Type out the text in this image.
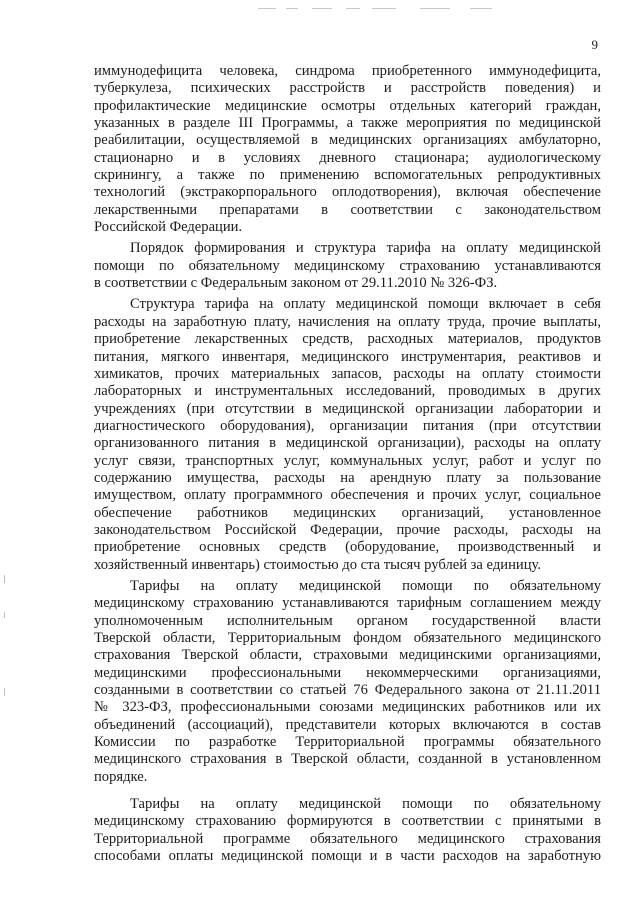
9
иммунодефицита человека, синдрома приобретенного иммунодефицита,
туберкулеза, психических расстройств и расстройств поведения) и
профилактические медицинские осмотры отдельных категорий граждан,
указанных в разделе III Программы, а также мероприятия по медицинской
реабилитации, осуществляемой в медицинских организациях амбулаторно,
стационарно и в условиях дневного стационара; аудиологическому
скринингу, а также по применению вспомогательных репродуктивных
технологий (экстракорпорального оплодотворения), включая обеспечение
лекарственными препаратами в соответствии с законодательством
Российской Федерации.
Порядок формирования и структура тарифа на оплату медицинской
помощи по обязательному медицинскому страхованию устанавливаются
в соответствии с Федеральным законом от 29.11.2010 № 326-ФЗ.
Структура тарифа на оплату медицинской помощи включает в себя
расходы на заработную плату, начисления на оплату труда, прочие выплаты,
приобретение лекарственных средств, расходных материалов, продуктов
питания, мягкого инвентаря, медицинского инструментария, реактивов и
химикатов, прочих материальных запасов, расходы на оплату стоимости
лабораторных и инструментальных исследований, проводимых в других
учреждениях (при отсутствии в медицинской организации лаборатории и
диагностического оборудования), организации питания (при отсутствии
организованного питания в медицинской организации), расходы на оплату
услуг связи, транспортных услуг, коммунальных услуг, работ и услуг по
содержанию имущества, расходы на арендную плату за пользование
имуществом, оплату программного обеспечения и прочих услуг, социальное
обеспечение работников медицинских организаций, установленное
законодательством Российской Федерации, прочие расходы, расходы на
приобретение основных средств (оборудование, производственный и
хозяйственный инвентарь) стоимостью до ста тысяч рублей за единицу.
Тарифы на оплату медицинской помощи по обязательному
медицинскому страхованию устанавливаются тарифным соглашением между
уполномоченным исполнительным органом государственной власти
Тверской области, Территориальным фондом обязательного медицинского
страхования Тверской области, страховыми медицинскими организациями,
медицинскими профессиональными некоммерческими организациями,
созданными в соответствии со статьей 76 Федерального закона от 21.11.2011
№ 323-ФЗ, профессиональными союзами медицинских работников или их
объединений (ассоциаций), представители которых включаются в состав
Комиссии по разработке Территориальной программы обязательного
медицинского страхования в Тверской области, созданной в установленном
порядке.
Тарифы на оплату медицинской помощи по обязательному
медицинскому страхованию формируются в соответствии с принятыми в
Территориальной программе обязательного медицинского страхования
способами оплаты медицинской помощи и в части расходов на заработную
